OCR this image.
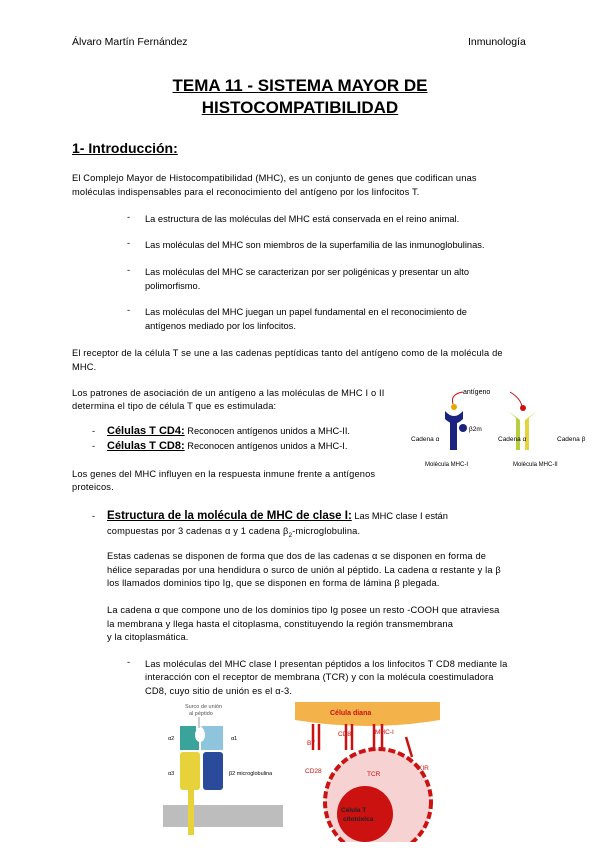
Álvaro Martín Fernández	Inmunología
TEMA 11 - SISTEMA MAYOR DE
HISTOCOMPATIBILIDAD
1- Introducción:
El Complejo Mayor de Histocompatibilidad (MHC), es un conjunto de genes que codifican unas
moléculas indispensables para el reconocimiento del antígeno por los linfocitos T.
- La estructura de las moléculas del MHC está conservada en el reino animal.
- Las moléculas del MHC son miembros de la superfamilia de las inmunoglobulinas.
- Las moléculas del MHC se caracterizan por ser poligénicas y presentar un alto
polimorfismo.
- Las moléculas del MHC juegan un papel fundamental en el reconocimiento de
antígenos mediado por los linfocitos.
El receptor de la célula T se une a las cadenas peptídicas tanto del antígeno como de la molécula de
MHC.
Los patrones de asociación de un antígeno a las moléculas de MHC I o II
determina el tipo de célula T que es estimulada:
- Células T CD4: Reconocen antígenos unidos a MHC-II.
- Células T CD8: Reconocen antígenos unidos a MHC-I.
Los genes del MHC influyen en la respuesta inmune frente a antígenos
proteicos.
antígeno
β2m
Cadena α
Molécula MHC-I
Cadena α	Cadena β
Molécula MHC-II
- Estructura de la molécula de MHC de clase I: Las MHC clase I están
compuestas por 3 cadenas α y 1 cadena $\beta_2$-microglobulina.
Estas cadenas se disponen de forma que dos de las cadenas α se disponen en forma de
hélice separadas por una hendidura o surco de unión al péptido. La cadena α restante y la β
los llamados dominios tipo Ig, que se disponen en forma de lámina β plegada.
La cadena α que compone uno de los dominios tipo Ig posee un resto -COOH que atraviesa
la membrana y llega hasta el citoplasma, constituyendo la región transmembrana
y la citoplasmática.
- Las moléculas del MHC clase I presentan péptidos a los linfocitos T CD8 mediante la
interacción con el receptor de membrana (TCR) y con la molécula coestimuladora
CD8, cuyo sitio de unión es el α-3.
Surco de unión
al péptido
α2	α1
α3	β2 microglobulina
Célula diana
Célula T
citotóxica
CD8	MHC-I
B7
CD28	TCR
KIR
